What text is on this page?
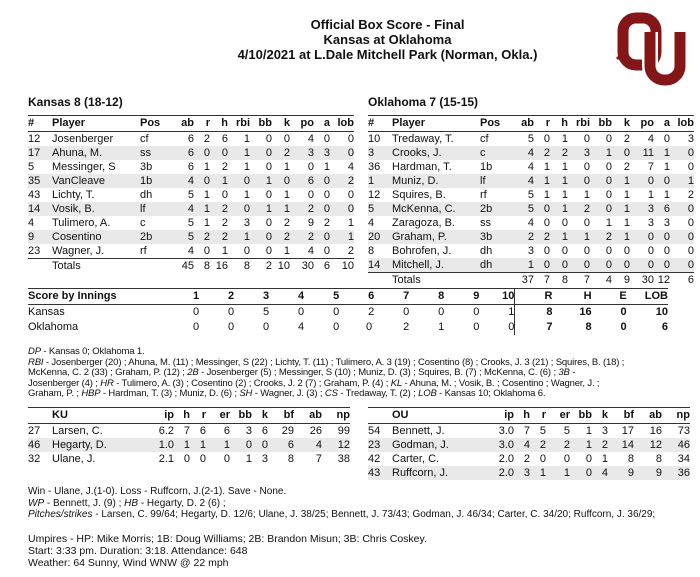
Official Box Score - Final
Kansas at Oklahoma
4/10/2021 at L.Dale Mitchell Park (Norman, Okla.)

Kansas 8 (18-12)

#	Player	Pos	ab	r	h	rbi	bb	k	po	a	lob
12	Josenberger	cf	6	2	6	1	0	0	4	0	0
17	Ahuna, M.	ss	6	0	0	1	0	2	3	3	0
5	Messinger, S	3b	6	1	2	1	0	1	0	1	4
35	VanCleave	1b	4	0	1	0	1	0	6	0	2
43	Lichty, T.	dh	5	1	0	1	0	1	0	0	0
14	Vosik, B.	lf	4	1	2	0	1	1	2	0	0
4	Tulimero, A.	c	5	1	2	3	0	2	9	2	1
9	Cosentino	2b	5	2	2	1	0	2	2	0	1
23	Wagner, J.	rf	4	0	1	0	0	1	4	0	2
	Totals		45	8	16	8	2	10	30	6	10

Oklahoma 7 (15-15)

#	Player	Pos	ab	r	h	rbi	bb	k	po	a	lob
10	Tredaway, T.	cf	5	0	1	0	0	2	4	0	3
3	Crooks, J.	c	4	2	2	3	1	0	11	1	0
36	Hardman, T.	1b	4	1	1	0	0	2	7	1	0
1	Muniz, D.	lf	4	1	1	0	0	1	0	0	1
12	Squires, B.	rf	5	1	1	1	0	1	1	1	2
5	McKenna, C.	2b	5	0	1	2	0	1	3	6	0
4	Zaragoza, B.	ss	4	0	0	0	1	1	3	3	0
20	Graham, P.	3b	2	2	1	1	2	1	0	0	0
8	Bohrofen, J.	dh	3	0	0	0	0	0	0	0	0
14	Mitchell, J.	dh	1	0	0	0	0	0	0	0	0
	Totals		37	7	8	7	4	9	30	12	6
Score by Innings	1	2	3	4	5	6	7	8	9	10	R	H	E	LOB
Kansas	0	0	5	0	0	2	0	0	0	1	8	16	0	10
Oklahoma	0	0	0	4	0	0▫	2	1	0	0	7	8	0	6
DP - Kansas 0; Oklahoma 1.
RBI - Josenberger (20) ; Ahuna, M. (11) ; Messinger, S (22) ; Lichty, T. (11) ; Tulimero, A. 3 (19) ; Cosentino (8) ; Crooks, J. 3 (21) ; Squires, B. (18) ;
McKenna, C. 2 (33) ; Graham, P. (12) ; 2B - Josenberger (5) ; Messinger, S (10) ; Muniz, D. (3) ; Squires, B. (7) ; McKenna, C. (6) ; 3B -
Josenberger (4) ; HR - Tulimero, A. (3) ; Cosentino (2) ; Crooks, J. 2 (7) ; Graham, P. (4) ; KL - Ahuna, M. ; Vosik, B. ; Cosentino ; Wagner, J. ;
Graham, P. ; HBP - Hardman, T. (3) ; Muniz, D. (6) ; SH - Wagner, J. (3) ; CS - Tredaway, T. (2) ; LOB - Kansas 10; Oklahoma 6.
	KU	ip	h	r	er	bb	k	bf	ab	np
27	Larsen, C.	6.2	7	6	6	3	6	29	26	99
46	Hegarty, D.	1.0	1	1	1	0	0	6	4	12
32	Ulane, J.	2.1	0	0	0	1	3	8	7	38
	OU	ip	h	r	er	bb	k	bf	ab	np
54	Bennett, J.	3.0	7	5	5	1	3	17	16	73
23	Godman, J.	3.0	4	2	2	1	2	14	12	46
42	Carter, C.	2.0	2	0	0	0	1	8	8	34
43	Ruffcorn, J.	2.0	3	1	1	0	4	9	9	36
Win - Ulane, J.(1-0). Loss - Ruffcorn, J.(2-1). Save - None.
WP - Bennett, J. (9) ; HB - Hegarty, D. 2 (6) ;
Pitches/strikes - Larsen, C. 99/64; Hegarty, D. 12/6; Ulane, J. 38/25; Bennett, J. 73/43; Godman, J. 46/34; Carter, C. 34/20; Ruffcorn, J. 36/29;
Umpires - HP: Mike Morris; 1B: Doug Williams; 2B: Brandon Misun; 3B: Chris Coskey.
Start: 3:33 pm. Duration: 3:18. Attendance: 648
Weather: 64 Sunny, Wind WNW @ 22 mph
